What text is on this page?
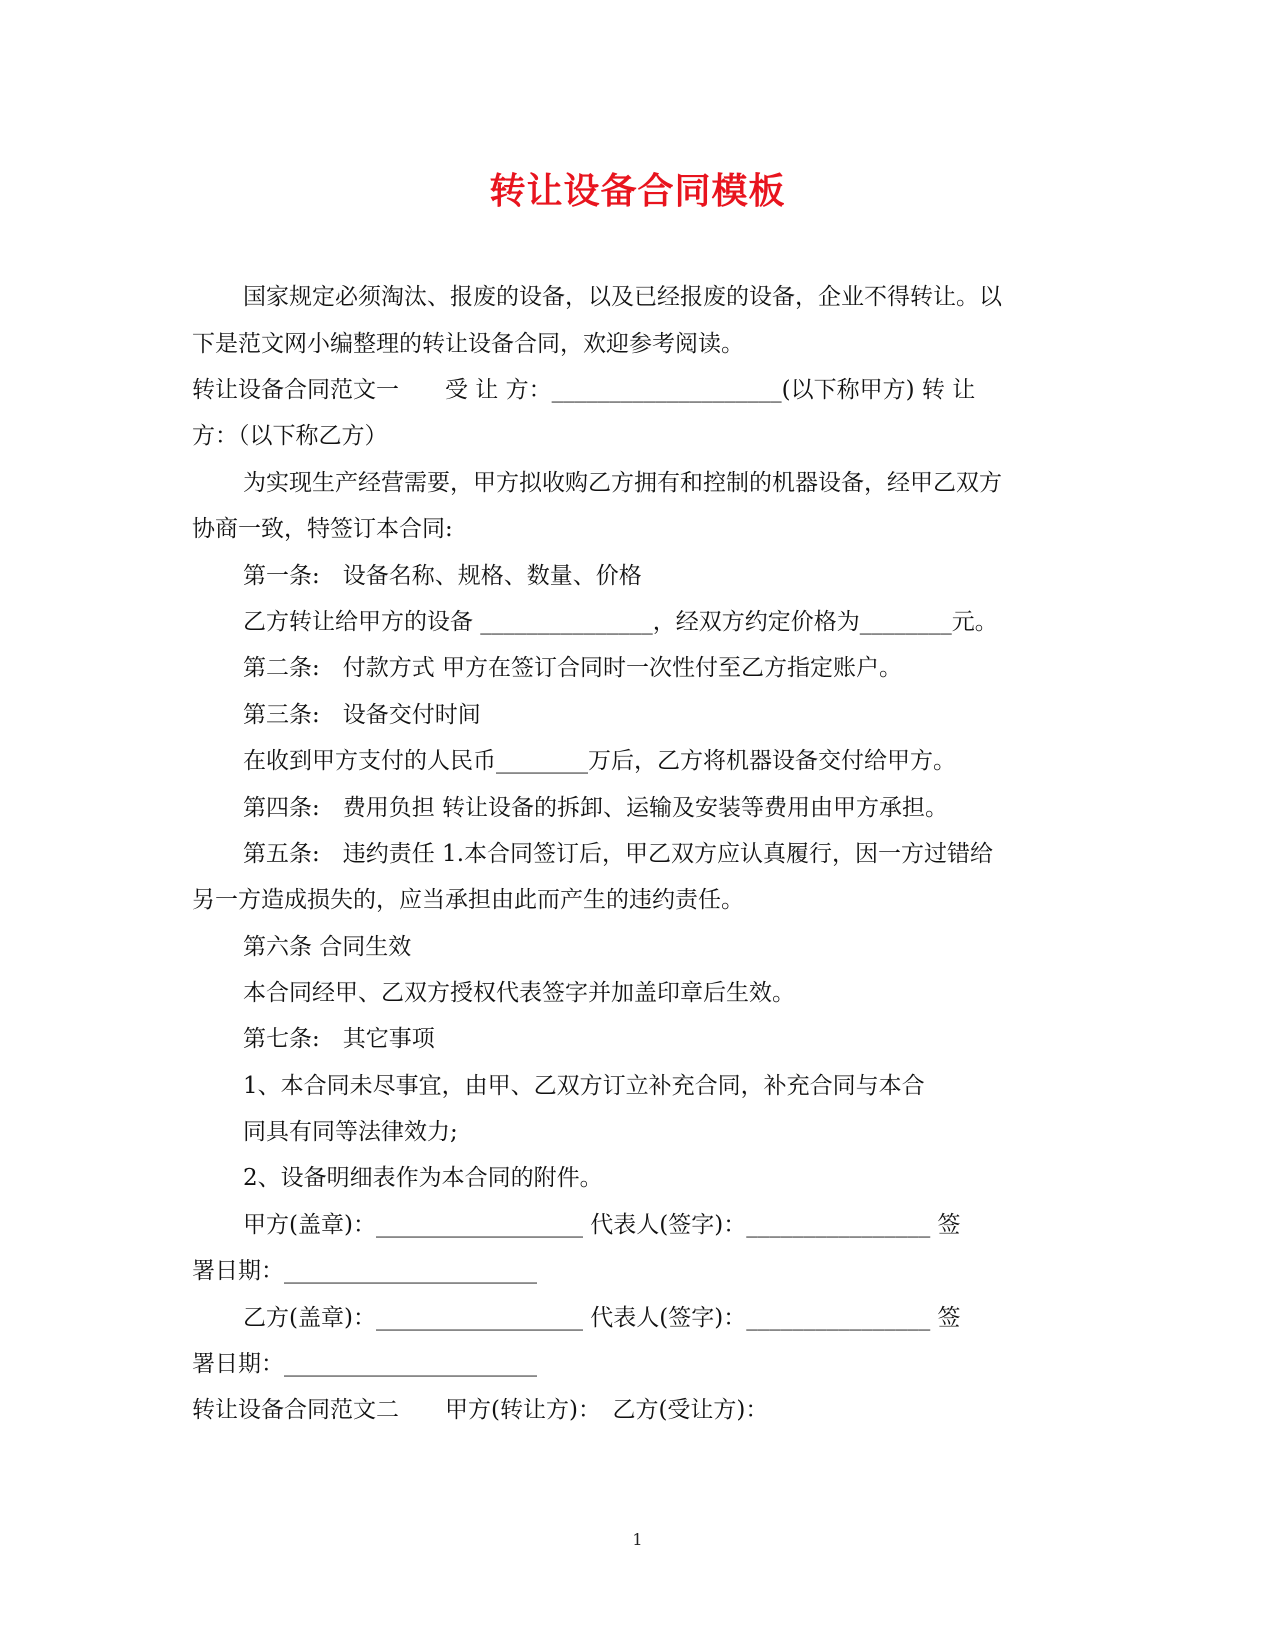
转让设备合同模板
国家规定必须淘汰、报废的设备，以及已经报废的设备，企业不得转让。以
下是范文网小编整理的转让设备合同，欢迎参考阅读。
转让设备合同范文一　　受 让 方：____________________(以下称甲方) 转 让
方：（以下称乙方）
为实现生产经营需要，甲方拟收购乙方拥有和控制的机器设备，经甲乙双方
协商一致，特签订本合同:
第一条:　设备名称、规格、数量、价格
乙方转让给甲方的设备 _______________，经双方约定价格为________元。
第二条:　付款方式 甲方在签订合同时一次性付至乙方指定账户。
第三条:　设备交付时间
在收到甲方支付的人民币________万后，乙方将机器设备交付给甲方。
第四条:　费用负担 转让设备的拆卸、运输及安装等费用由甲方承担。
第五条:　违约责任 1.本合同签订后，甲乙双方应认真履行，因一方过错给
另一方造成损失的，应当承担由此而产生的违约责任。
第六条 合同生效
本合同经甲、乙双方授权代表签字并加盖印章后生效。
第七条:　其它事项
1、本合同未尽事宜，由甲、乙双方订立补充合同，补充合同与本合
同具有同等法律效力;
2、设备明细表作为本合同的附件。
甲方(盖章)：__________________ 代表人(签字)：________________ 签
署日期：______________________
乙方(盖章)：__________________ 代表人(签字)：________________ 签
署日期：______________________
转让设备合同范文二　　甲方(转让方)：　乙方(受让方)：
1
